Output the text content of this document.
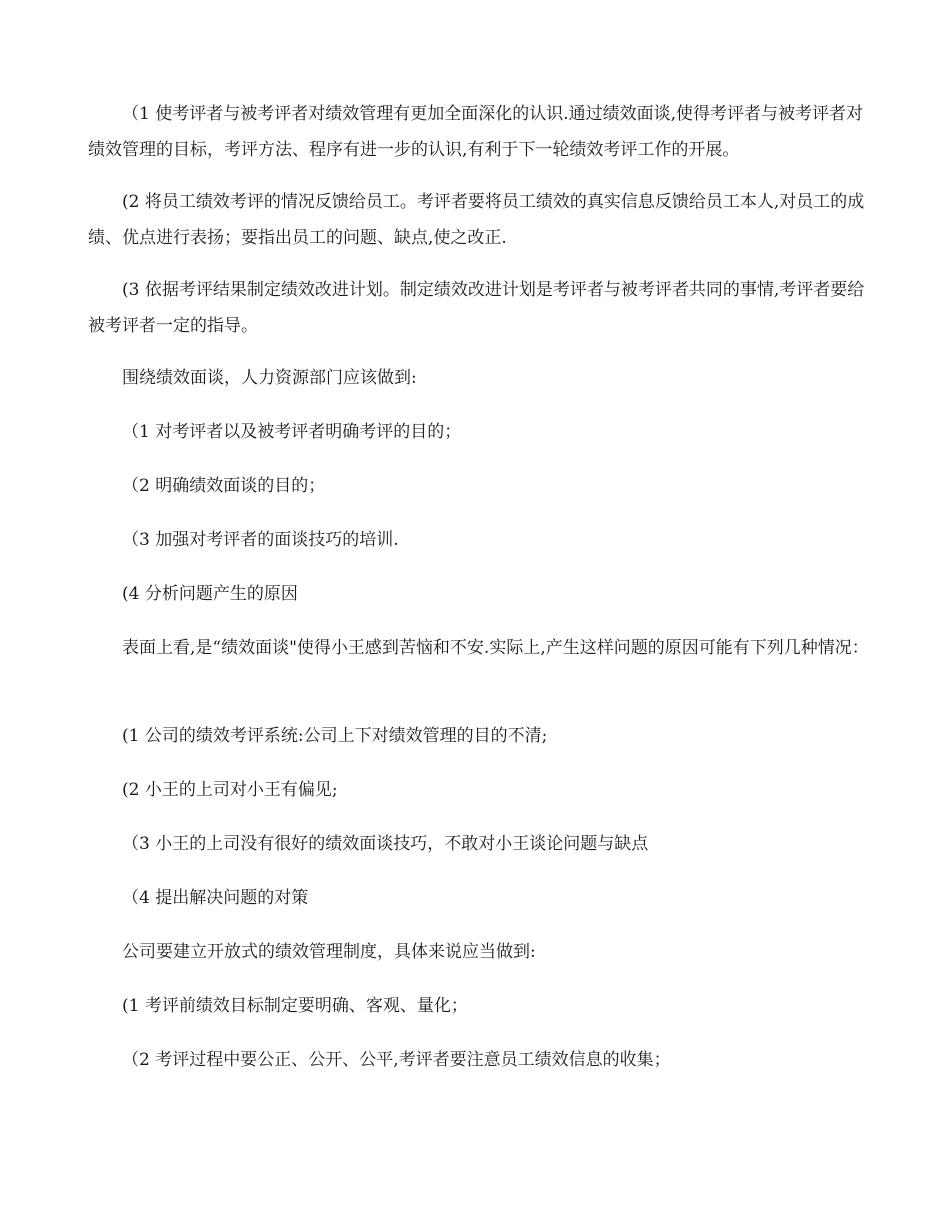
（1 使考评者与被考评者对绩效管理有更加全面深化的认识.通过绩效面谈,使得考评者与被考评者对绩效管理的目标，考评方法、程序有进一步的认识,有利于下一轮绩效考评工作的开展。

(2 将员工绩效考评的情况反馈给员工。考评者要将员工绩效的真实信息反馈给员工本人,对员工的成绩、优点进行表扬；要指出员工的问题、缺点,使之改正.

(3 依据考评结果制定绩效改进计划。制定绩效改进计划是考评者与被考评者共同的事情,考评者要给被考评者一定的指导。

围绕绩效面谈，人力资源部门应该做到:

（1 对考评者以及被考评者明确考评的目的；

（2 明确绩效面谈的目的；

（3 加强对考评者的面谈技巧的培训.

(4 分析问题产生的原因

表面上看,是“绩效面谈"使得小王感到苦恼和不安.实际上,产生这样问题的原因可能有下列几种情况：

(1 公司的绩效考评系统:公司上下对绩效管理的目的不清;

(2 小王的上司对小王有偏见;

（3 小王的上司没有很好的绩效面谈技巧，不敢对小王谈论问题与缺点

（4 提出解决问题的对策

公司要建立开放式的绩效管理制度，具体来说应当做到:

(1 考评前绩效目标制定要明确、客观、量化；

（2 考评过程中要公正、公开、公平,考评者要注意员工绩效信息的收集；
